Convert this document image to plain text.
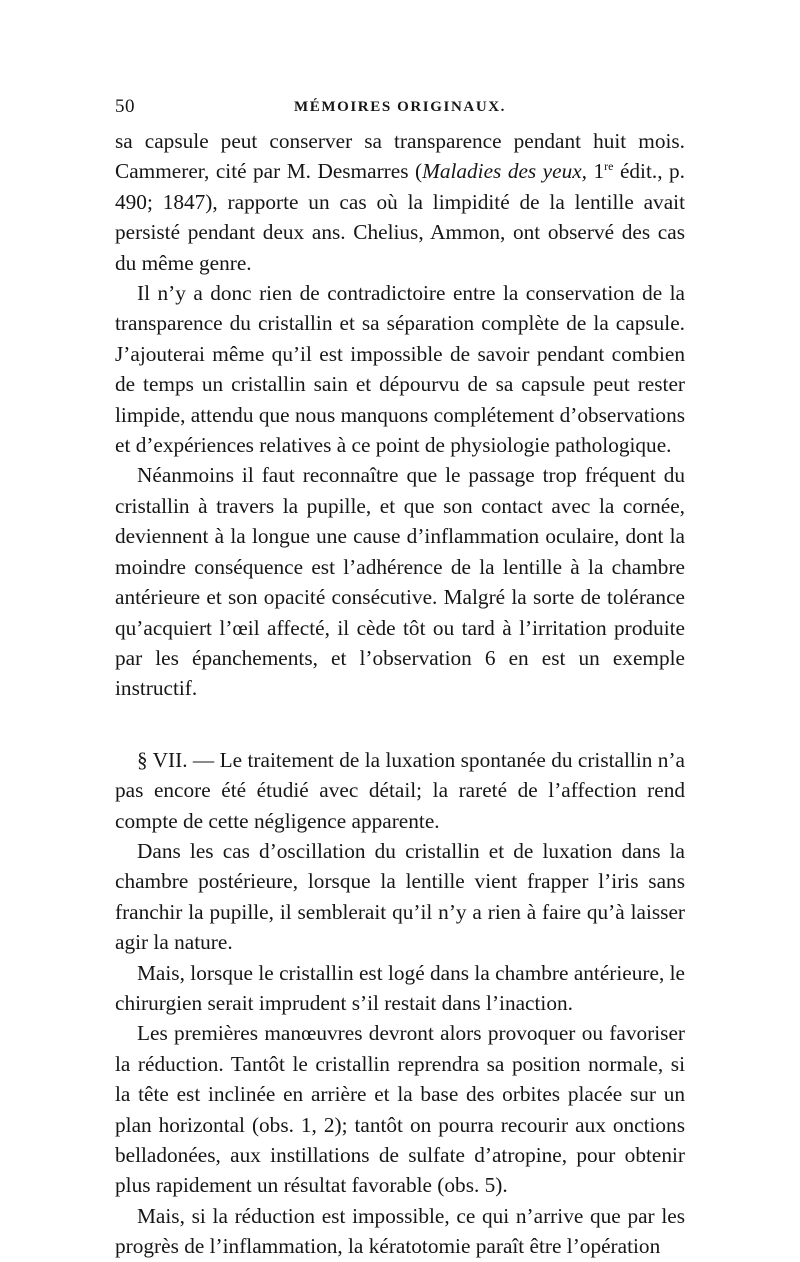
50	MÉMOIRES ORIGINAUX.

sa capsule peut conserver sa transparence pendant huit mois. Cammerer, cité par M. Desmarres (Maladies des yeux, 1re édit., p. 490; 1847), rapporte un cas où la limpidité de la lentille avait persisté pendant deux ans. Chelius, Ammon, ont observé des cas du même genre.

Il n’y a donc rien de contradictoire entre la conservation de la transparence du cristallin et sa séparation complète de la capsule. J’ajouterai même qu’il est impossible de savoir pendant combien de temps un cristallin sain et dépourvu de sa capsule peut rester limpide, attendu que nous manquons complétement d’observations et d’expériences relatives à ce point de physiologie pathologique.

Néanmoins il faut reconnaître que le passage trop fréquent du cristallin à travers la pupille, et que son contact avec la cornée, deviennent à la longue une cause d’inflammation oculaire, dont la moindre conséquence est l’adhérence de la lentille à la chambre antérieure et son opacité consécutive. Malgré la sorte de tolérance qu’acquiert l’œil affecté, il cède tôt ou tard à l’irritation produite par les épanchements, et l’observation 6 en est un exemple instructif.

§ VII. — Le traitement de la luxation spontanée du cristallin n’a pas encore été étudié avec détail; la rareté de l’affection rend compte de cette négligence apparente.

Dans les cas d’oscillation du cristallin et de luxation dans la chambre postérieure, lorsque la lentille vient frapper l’iris sans franchir la pupille, il semblerait qu’il n’y a rien à faire qu’à laisser agir la nature.

Mais, lorsque le cristallin est logé dans la chambre antérieure, le chirurgien serait imprudent s’il restait dans l’inaction.

Les premières manœuvres devront alors provoquer ou favoriser la réduction. Tantôt le cristallin reprendra sa position normale, si la tête est inclinée en arrière et la base des orbites placée sur un plan horizontal (obs. 1, 2); tantôt on pourra recourir aux onctions belladonées, aux instillations de sulfate d’atropine, pour obtenir plus rapidement un résultat favorable (obs. 5).

Mais, si la réduction est impossible, ce qui n’arrive que par les progrès de l’inflammation, la kératotomie paraît être l’opération
